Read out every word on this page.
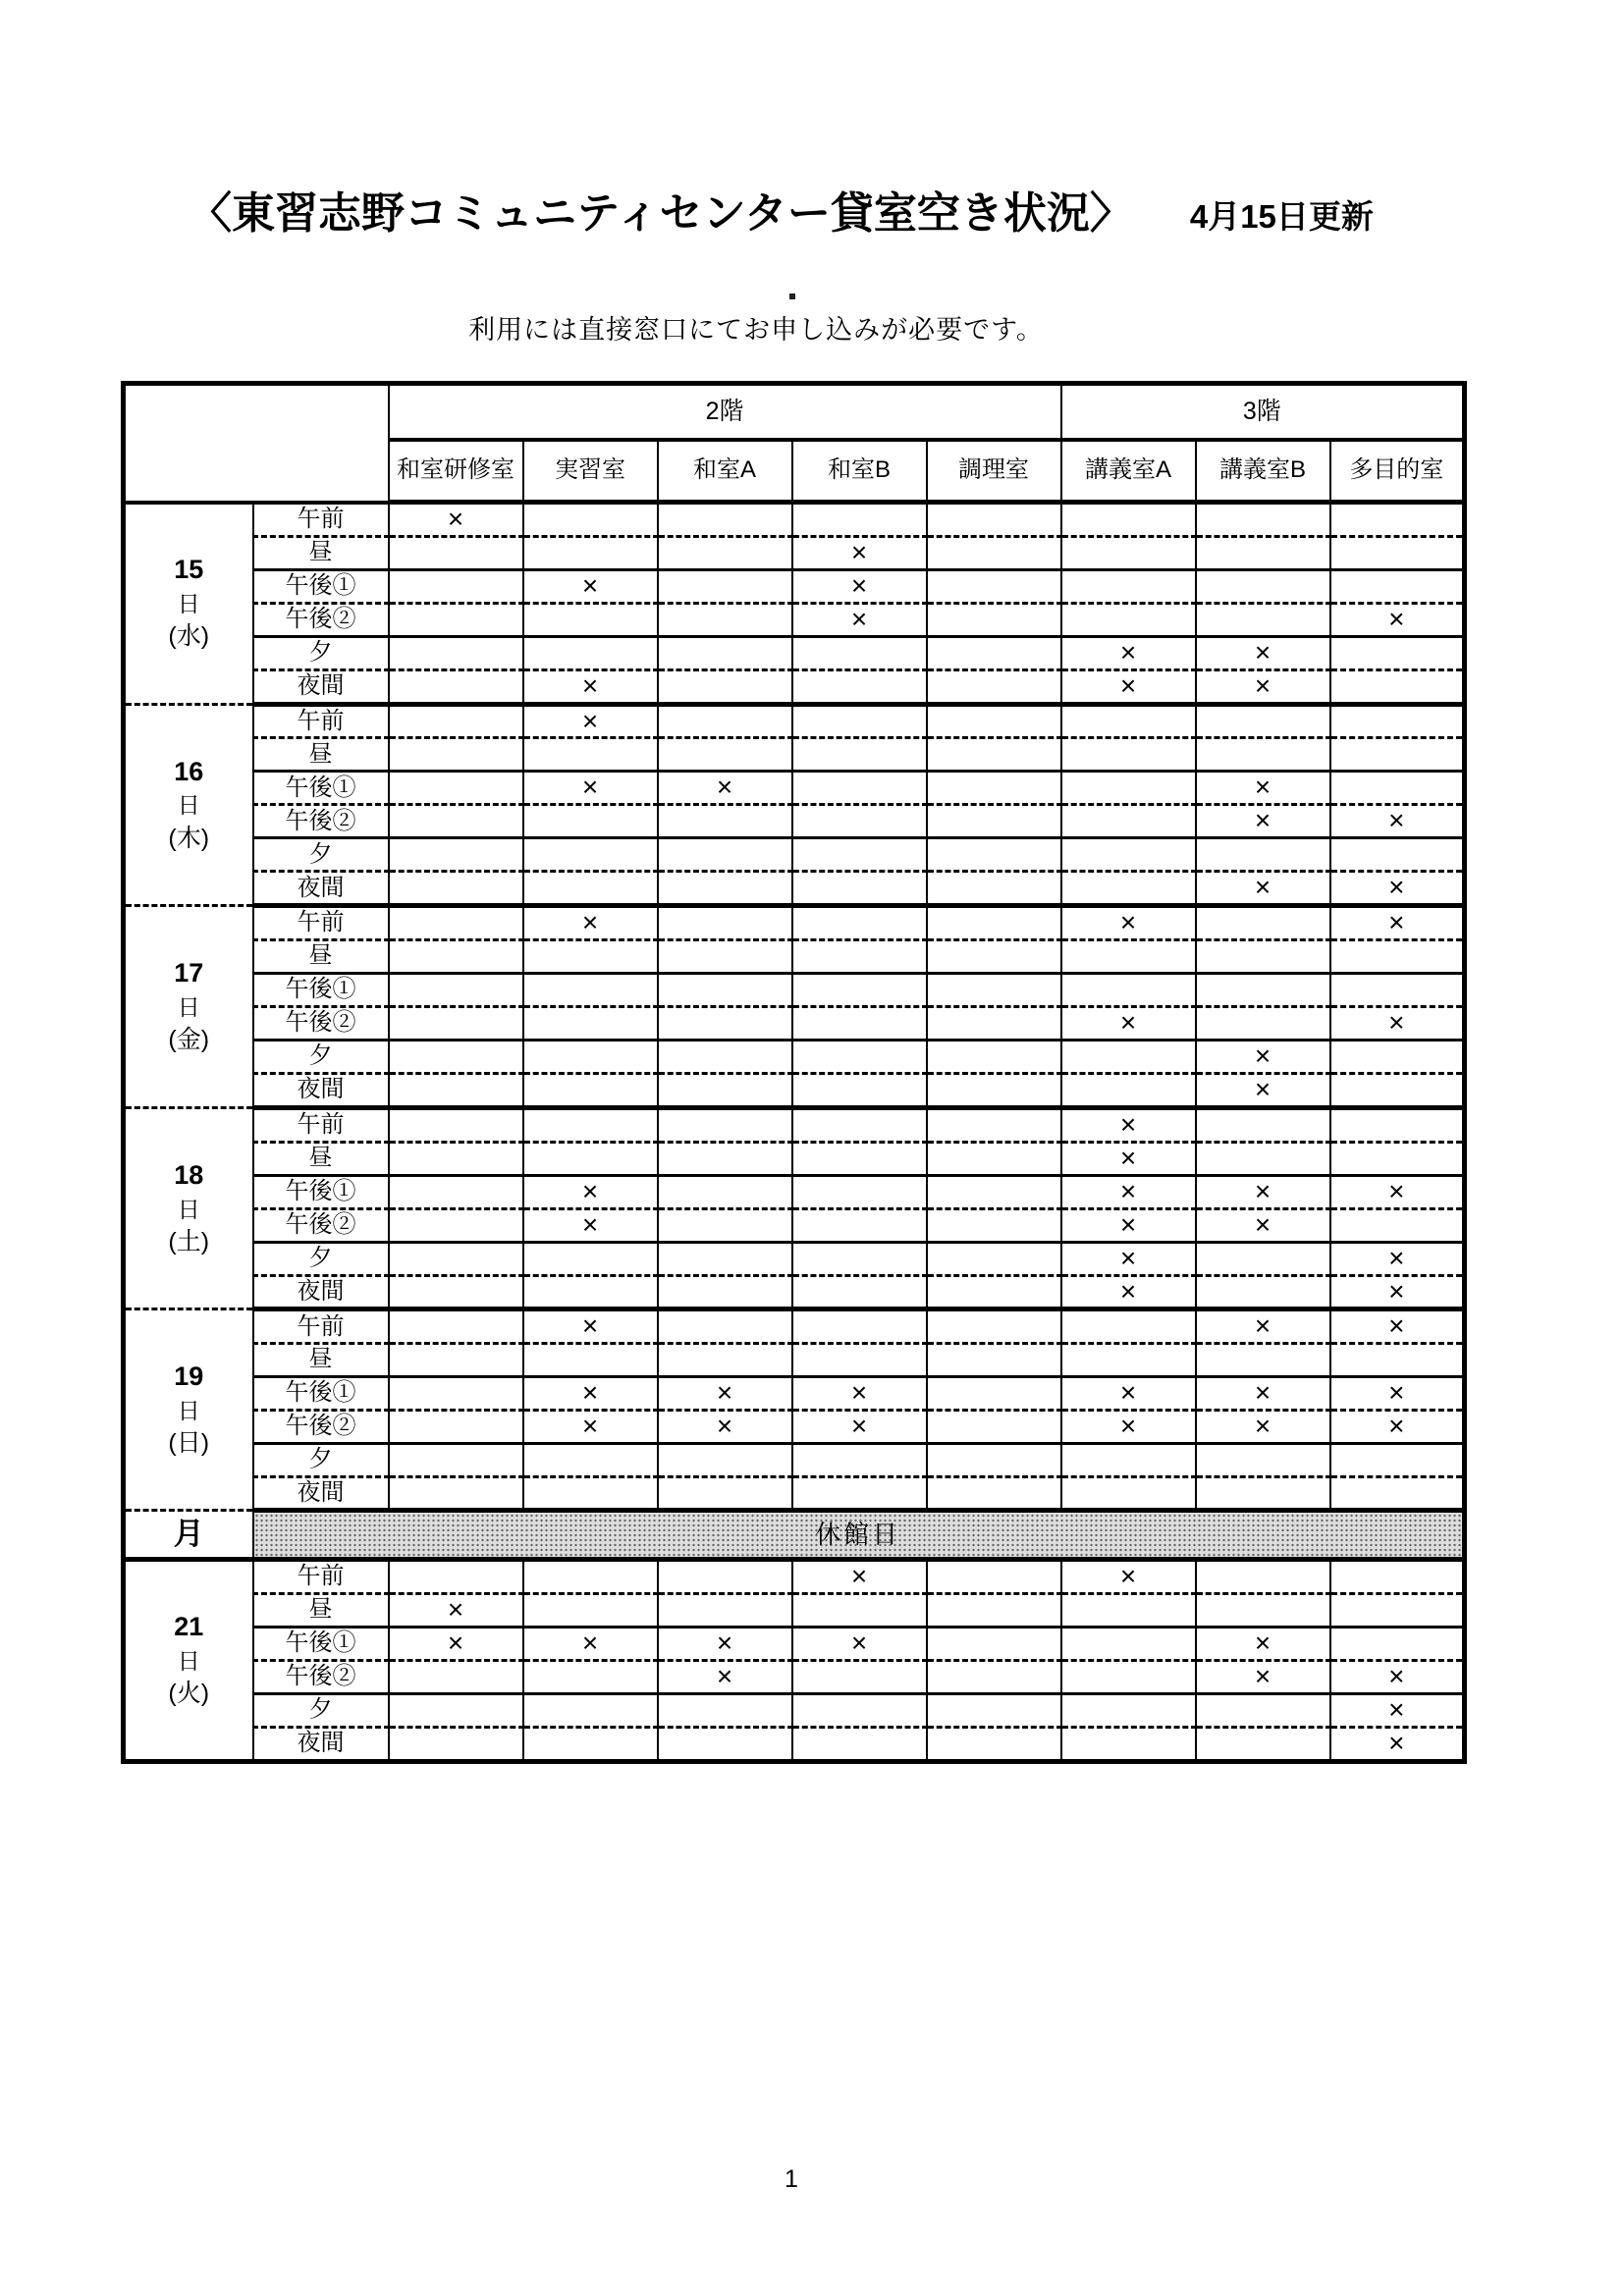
〈東習志野コミュニティセンター貸室空き状況〉 4月15日更新
利用には直接窓口にてお申し込みが必要です。
		2階					3階		
		和室研修室	実習室	和室A	和室B	調理室	講義室A	講義室B	多目的室

15
日
(水)	午前	×							
	昼				×				
	午後①		×		×				
	午後②				×				×
	夕						×	×	
	夜間		×				×	×	

16
日
(木)	午前		×						
	昼								
	午後①		×	×				×	
	午後②							×	×
	夕								
	夜間							×	×

17
日
(金)	午前		×				×		×
	昼								
	午後①								
	午後②						×		×
	夕							×	
	夜間							×	

18
日
(土)	午前						×		
	昼						×		
	午後①		×				×	×	×
	午後②		×				×	×	
	夕						×		×
	夜間						×		×

19
日
(日)	午前		×					×	×
	昼								
	午後①		×	×	×		×	×	×
	午後②		×	×	×		×	×	×
	夕								
	夜間								
月	休館日								

21
日
(火)	午前				×		×		
	昼	×							
	午後①	×	×	×	×			×	
	午後②			×				×	×
	夕								×
	夜間								×
1
